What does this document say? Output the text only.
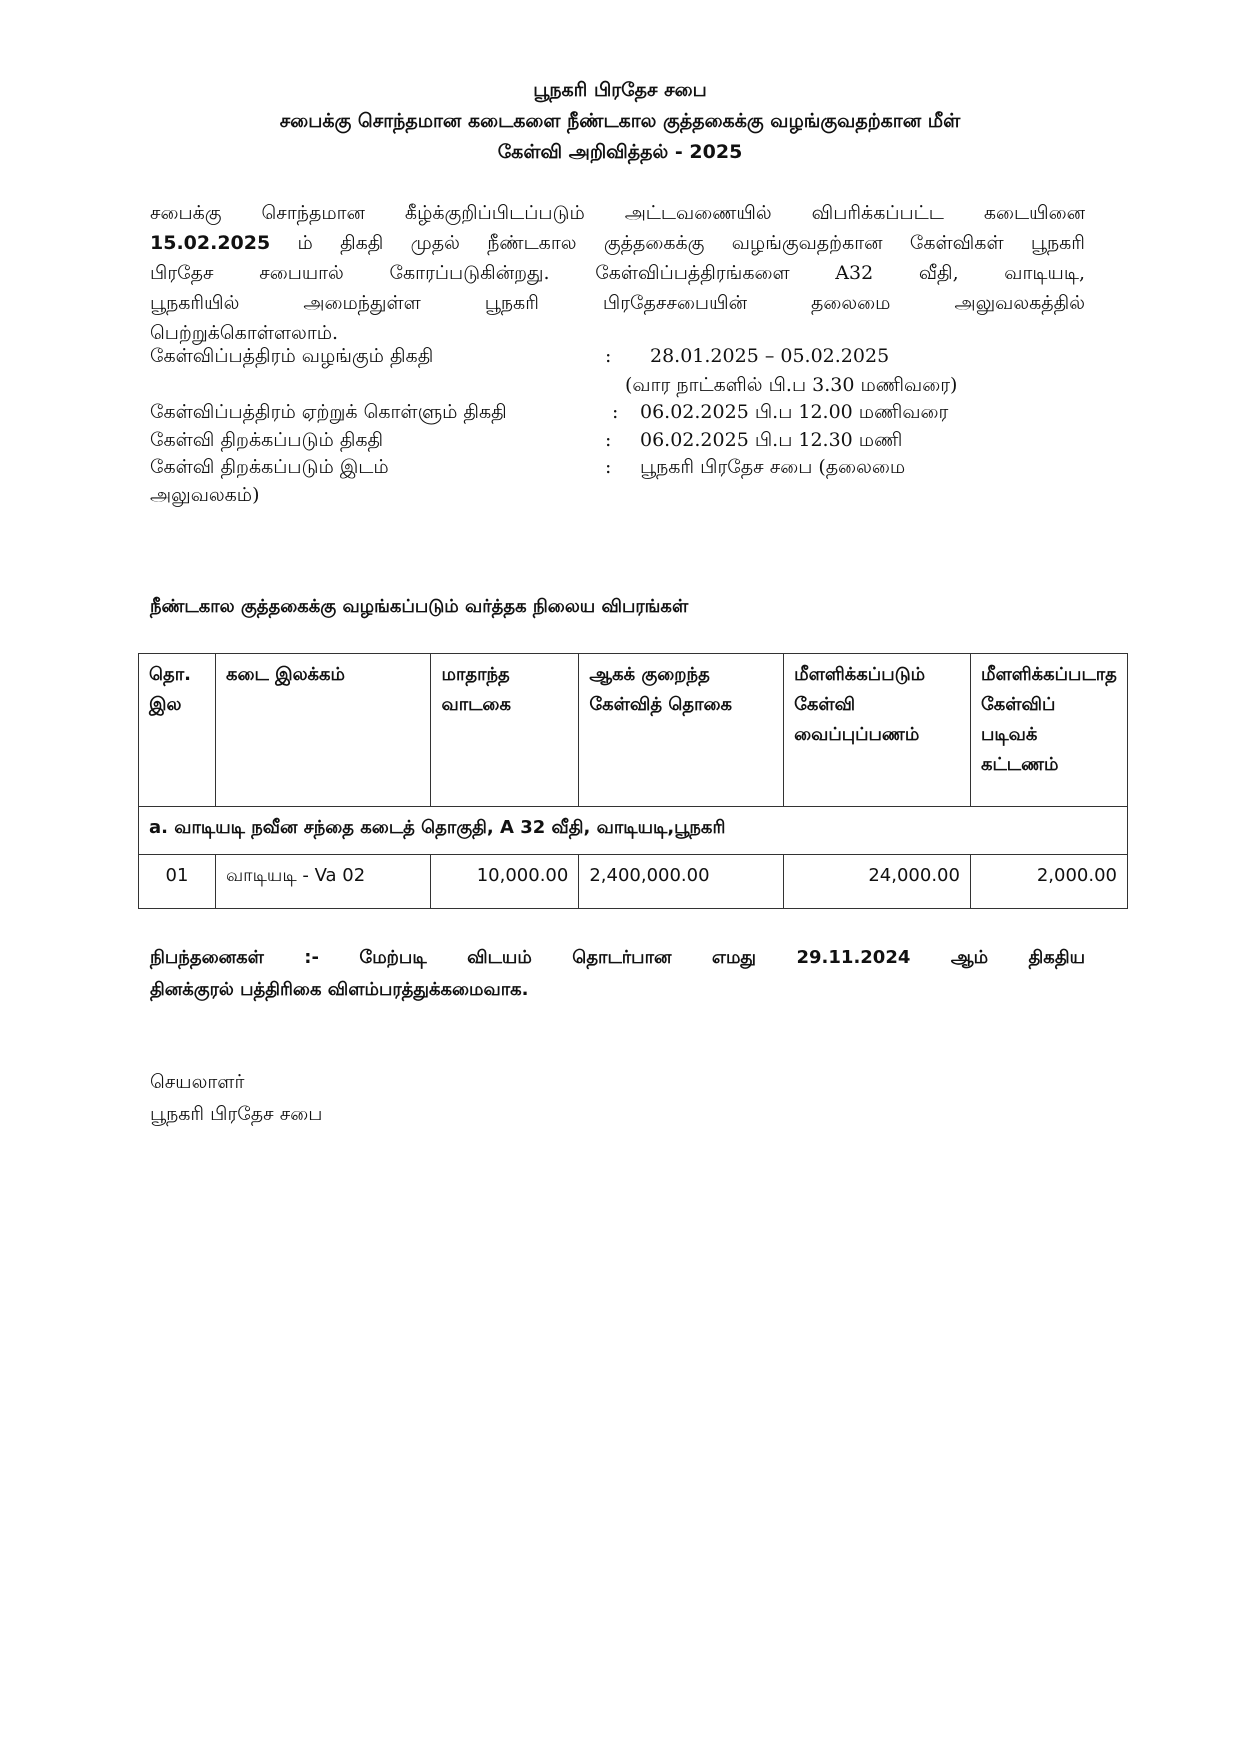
பூநகரி பிரதேச சபை
சபைக்கு சொந்தமான கடைகளை நீண்டகால குத்தகைக்கு வழங்குவதற்கான மீள்
கேள்வி அறிவித்தல் - 2025
சபைக்கு சொந்தமான கீழ்க்குறிப்பிடப்படும் அட்டவணையில் விபரிக்கப்பட்ட கடையினை
15.02.2025 ம் திகதி முதல் நீண்டகால குத்தகைக்கு வழங்குவதற்கான கேள்விகள் பூநகரி
பிரதேச சபையால் கோரப்படுகின்றது. கேள்விப்பத்திரங்களை A32 வீதி, வாடியடி,
பூநகரியில் அமைந்துள்ள பூநகரி பிரதேசசபையின் தலைமை அலுவலகத்தில்
பெற்றுக்கொள்ளலாம்.
கேள்விப்பத்திரம் வழங்கும் திகதி	: 28.01.2025 – 05.02.2025
(வார நாட்களில் பி.ப 3.30 மணிவரை)
கேள்விப்பத்திரம் ஏற்றுக் கொள்ளும் திகதி	: 06.02.2025 பி.ப 12.00 மணிவரை
கேள்வி திறக்கப்படும் திகதி	: 06.02.2025 பி.ப 12.30 மணி
கேள்வி திறக்கப்படும் இடம்	: பூநகரி பிரதேச சபை (தலைமை
அலுவலகம்)
நீண்டகால குத்தகைக்கு வழங்கப்படும் வர்த்தக நிலைய விபரங்கள்
தொ. இல	கடை இலக்கம்	மாதாந்த வாடகை	ஆகக் குறைந்த கேள்வித் தொகை	மீளளிக்கப்படும் கேள்வி வைப்புப்பணம்	மீளளிக்கப்படாத கேள்விப் படிவக் கட்டணம்
a. வாடியடி நவீன சந்தை கடைத் தொகுதி, A 32 வீதி, வாடியடி,பூநகரி					
01	வாடியடி - Va 02	10,000.00	2,400,000.00	24,000.00	2,000.00
நிபந்தனைகள் :- மேற்படி விடயம் தொடர்பான எமது 29.11.2024 ஆம் திகதிய
தினக்குரல் பத்திரிகை விளம்பரத்துக்கமைவாக.
செயலாளர்
பூநகரி பிரதேச சபை
